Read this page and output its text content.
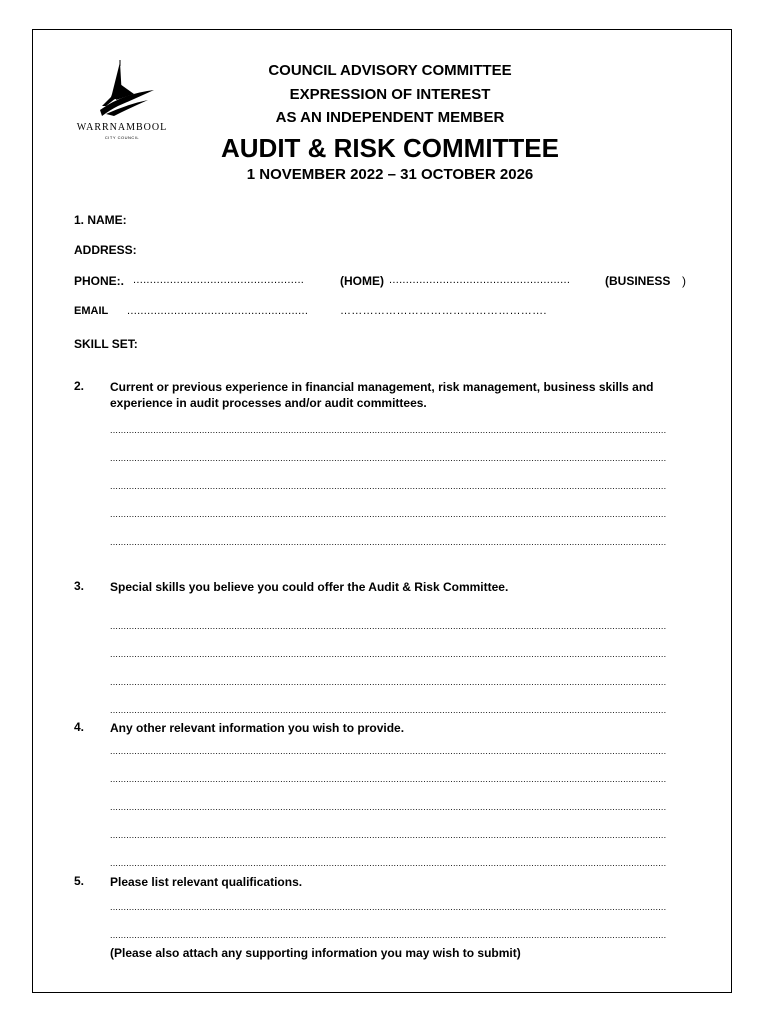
WARRNAMBOOL
CITY COUNCIL
COUNCIL ADVISORY COMMITTEE
EXPRESSION OF INTEREST
AS AN INDEPENDENT MEMBER
AUDIT & RISK COMMITTEE
1 NOVEMBER 2022 – 31 OCTOBER 2026
1. NAME:
ADDRESS:
PHONE:. ...................................................	(HOME) ......................................................	(BUSINESS )
EMAIL ......................................................	……………………………………………….
SKILL SET:
2. Current or previous experience in financial management, risk management, business skills and experience in audit processes and/or audit committees.
..............................................................................................................................................................................................................
..............................................................................................................................................................................................................
..............................................................................................................................................................................................................
..............................................................................................................................................................................................................
..............................................................................................................................................................................................................
3. Special skills you believe you could offer the Audit & Risk Committee.
..............................................................................................................................................................................................................
..............................................................................................................................................................................................................
..............................................................................................................................................................................................................
..............................................................................................................................................................................................................
4. Any other relevant information you wish to provide.
..............................................................................................................................................................................................................
..............................................................................................................................................................................................................
..............................................................................................................................................................................................................
..............................................................................................................................................................................................................
..............................................................................................................................................................................................................
5. Please list relevant qualifications.
..............................................................................................................................................................................................................
..............................................................................................................................................................................................................
(Please also attach any supporting information you may wish to submit)
